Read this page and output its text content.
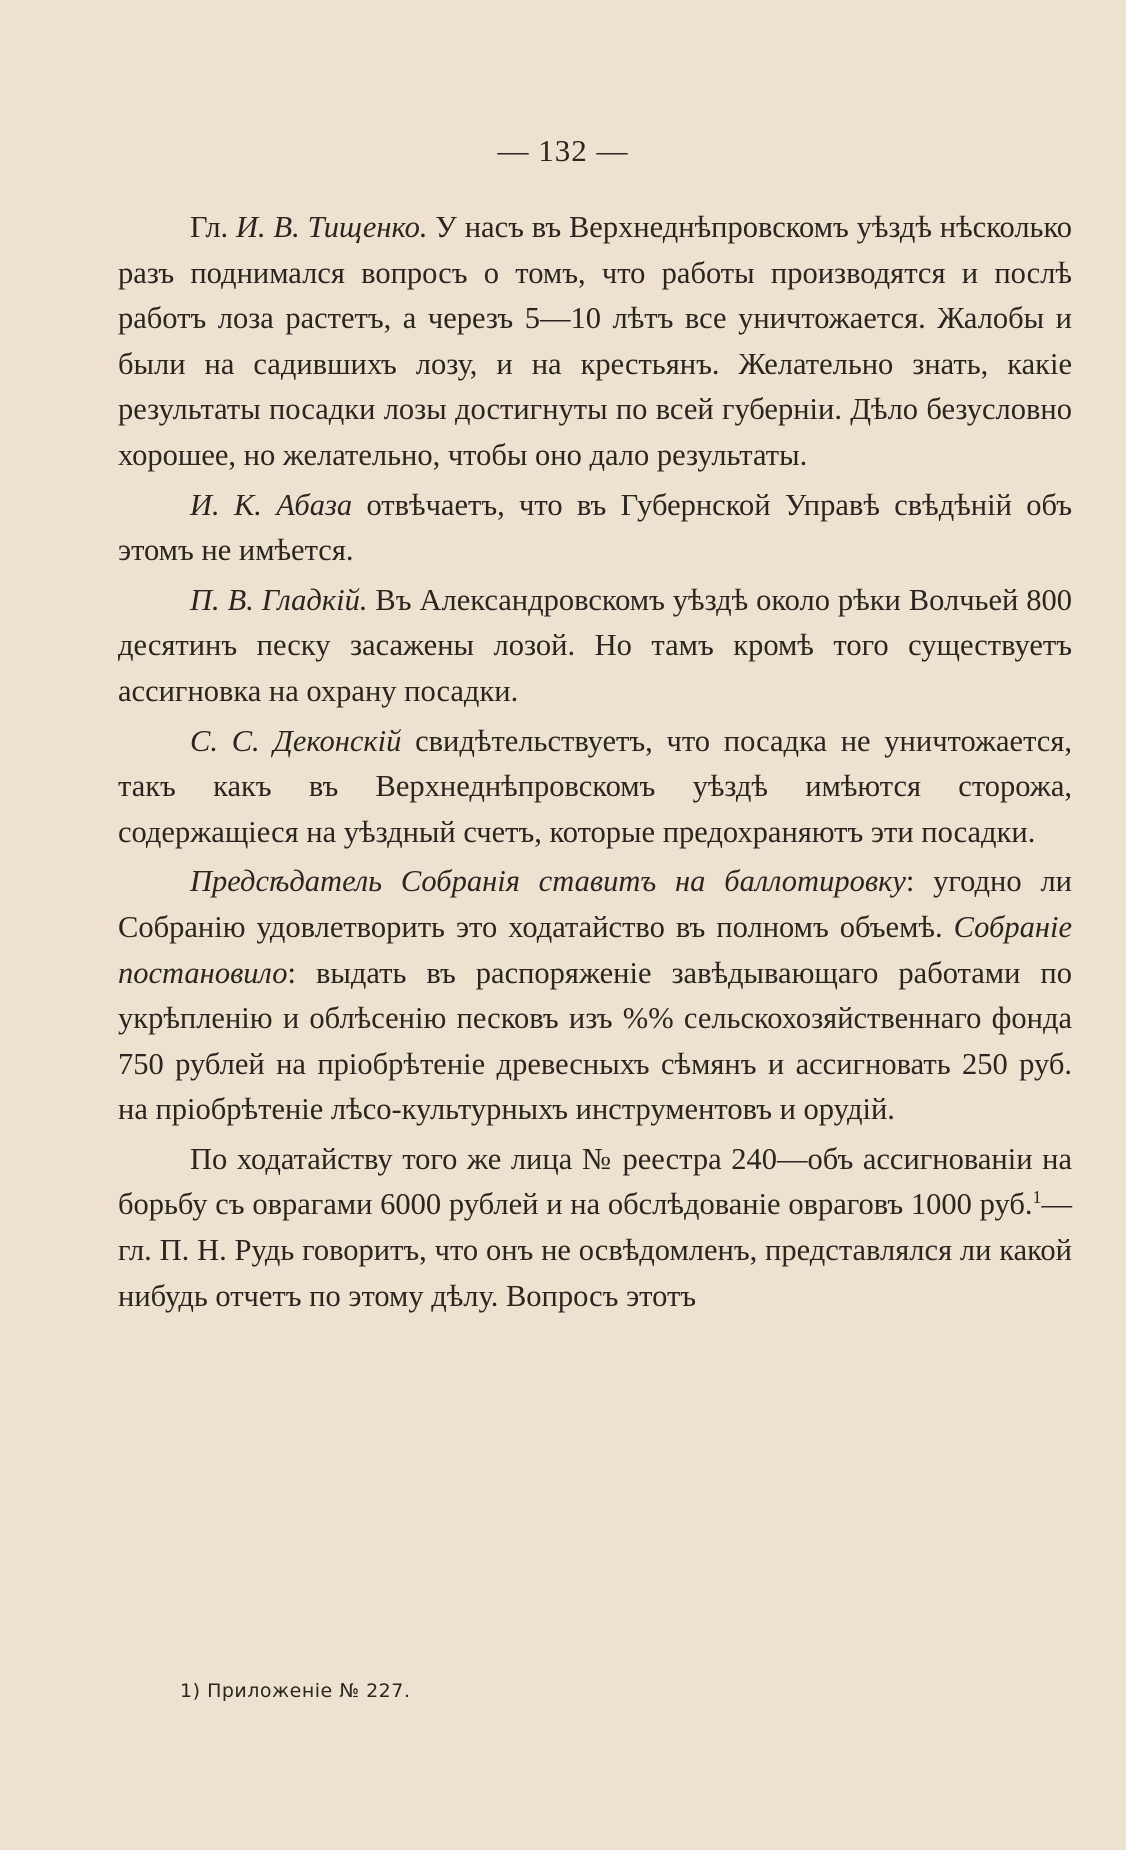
— 132 —

Гл. И. В. Тищенко. У насъ въ Верхнеднѣпровскомъ уѣздѣ нѣсколько разъ поднимался вопросъ о томъ, что работы производятся и послѣ работъ лоза растетъ, а черезъ 5—10 лѣтъ все уничтожается. Жалобы и были на садившихъ лозу, и на крестьянъ. Желательно знать, какiе результаты посадки лозы достигнуты по всей губернiи. Дѣло безусловно хорошее, но желательно, чтобы оно дало результаты.

И. К. Абаза отвѣчаетъ, что въ Губернской Управѣ свѣдѣнiй объ этомъ не имѣется.

П. В. Гладкiй. Въ Александровскомъ уѣздѣ около рѣки Волчьей 800 десятинъ песку засажены лозой. Но тамъ кромѣ того существуетъ ассигновка на охрану посадки.

С. С. Деконскiй свидѣтельствуетъ, что посадка не уничтожается, такъ какъ въ Верхнеднѣпровскомъ уѣздѣ имѣются сторожа, содержащiеся на уѣздный счетъ, которые предохраняютъ эти посадки.

Предсѣдатель Собранiя ставитъ на баллотировку: угодно ли Собранiю удовлетворить это ходатайство въ полномъ объемѣ. Собранiе постановило: выдать въ распоряженiе завѣдывающаго работами по укрѣпленiю и облѣсенiю песковъ изъ %% сельскохозяйственнаго фонда 750 рублей на прiобрѣтенiе древесныхъ сѣмянъ и ассигновать 250 руб. на прiобрѣтенiе лѣсо-культурныхъ инструментовъ и орудiй.

По ходатайству того же лица № реестра 240—объ ассигнованiи на борьбу съ оврагами 6000 рублей и на обслѣдованiе овраговъ 1000 руб.$^1$—гл. П. Н. Рудь говоритъ, что онъ не освѣдомленъ, представлялся ли какой нибудь отчетъ по этому дѣлу. Вопросъ этотъ

1) Приложенiе № 227.
